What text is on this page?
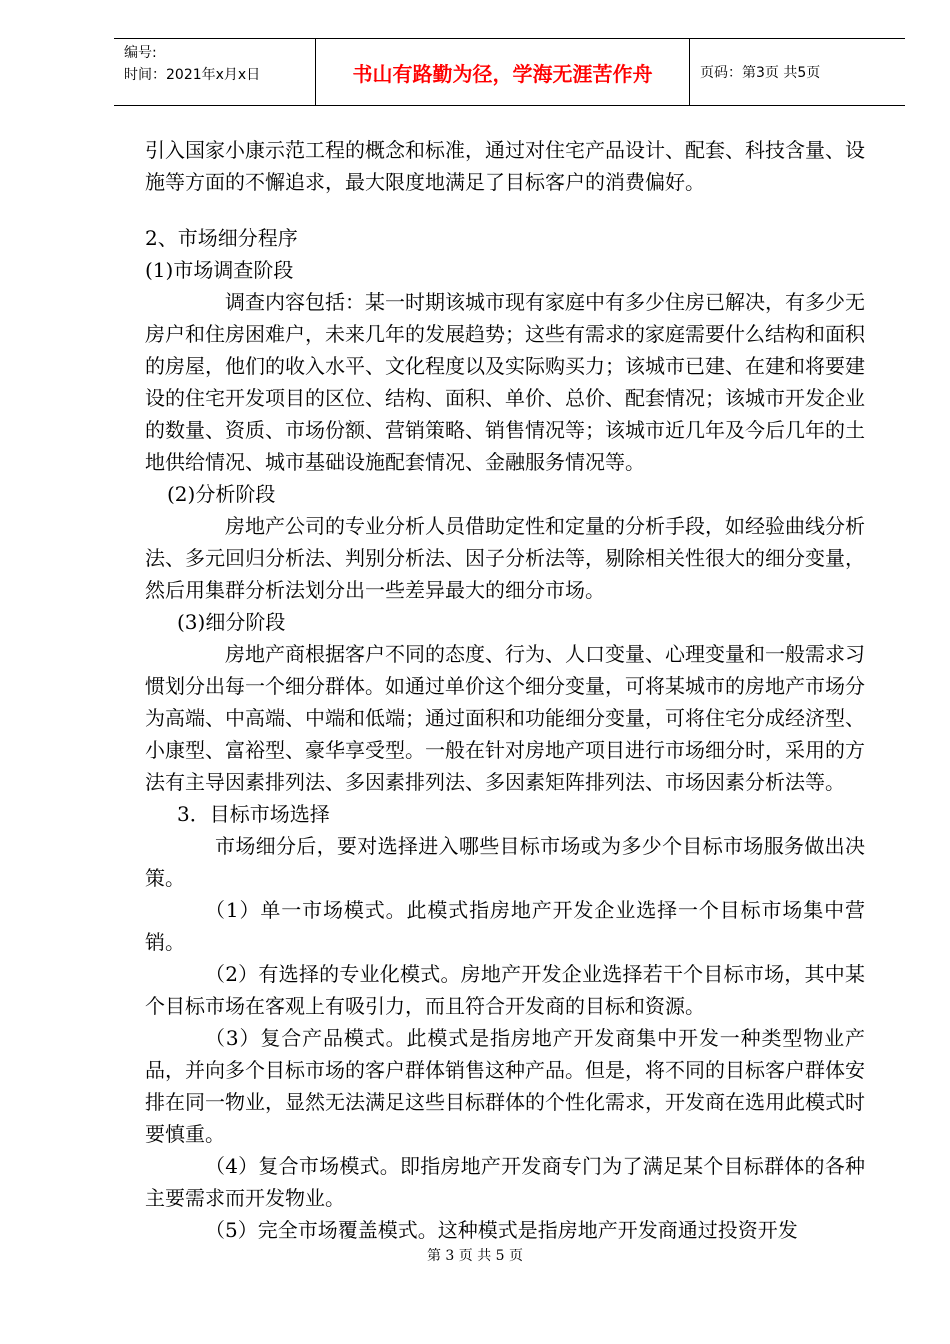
编号:
时间：2021年x月x日	书山有路勤为径，学海无涯苦作舟	页码：第3页 共5页

引入国家小康示范工程的概念和标准，通过对住宅产品设计、配套、科技含量、设施等方面的不懈追求，最大限度地满足了目标客户的消费偏好。

2、市场细分程序

(1)市场调查阶段

调查内容包括：某一时期该城市现有家庭中有多少住房已解决，有多少无房户和住房困难户，未来几年的发展趋势；这些有需求的家庭需要什么结构和面积的房屋，他们的收入水平、文化程度以及实际购买力；该城市已建、在建和将要建设的住宅开发项目的区位、结构、面积、单价、总价、配套情况；该城市开发企业的数量、资质、市场份额、营销策略、销售情况等；该城市近几年及今后几年的土地供给情况、城市基础设施配套情况、金融服务情况等。

(2)分析阶段

房地产公司的专业分析人员借助定性和定量的分析手段，如经验曲线分析法、多元回归分析法、判别分析法、因子分析法等，剔除相关性很大的细分变量，然后用集群分析法划分出一些差异最大的细分市场。

(3)细分阶段

房地产商根据客户不同的态度、行为、人口变量、心理变量和一般需求习惯划分出每一个细分群体。如通过单价这个细分变量，可将某城市的房地产市场分为高端、中高端、中端和低端；通过面积和功能细分变量，可将住宅分成经济型、小康型、富裕型、豪华享受型。一般在针对房地产项目进行市场细分时，采用的方法有主导因素排列法、多因素排列法、多因素矩阵排列法、市场因素分析法等。

3．目标市场选择

市场细分后，要对选择进入哪些目标市场或为多少个目标市场服务做出决策。

（1）单一市场模式。此模式指房地产开发企业选择一个目标市场集中营销。

（2）有选择的专业化模式。房地产开发企业选择若干个目标市场，其中某个目标市场在客观上有吸引力，而且符合开发商的目标和资源。

（3）复合产品模式。此模式是指房地产开发商集中开发一种类型物业产品，并向多个目标市场的客户群体销售这种产品。但是，将不同的目标客户群体安排在同一物业，显然无法满足这些目标群体的个性化需求，开发商在选用此模式时要慎重。

（4）复合市场模式。即指房地产开发商专门为了满足某个目标群体的各种主要需求而开发物业。

（5）完全市场覆盖模式。这种模式是指房地产开发商通过投资开发

第 3 页 共 5 页
